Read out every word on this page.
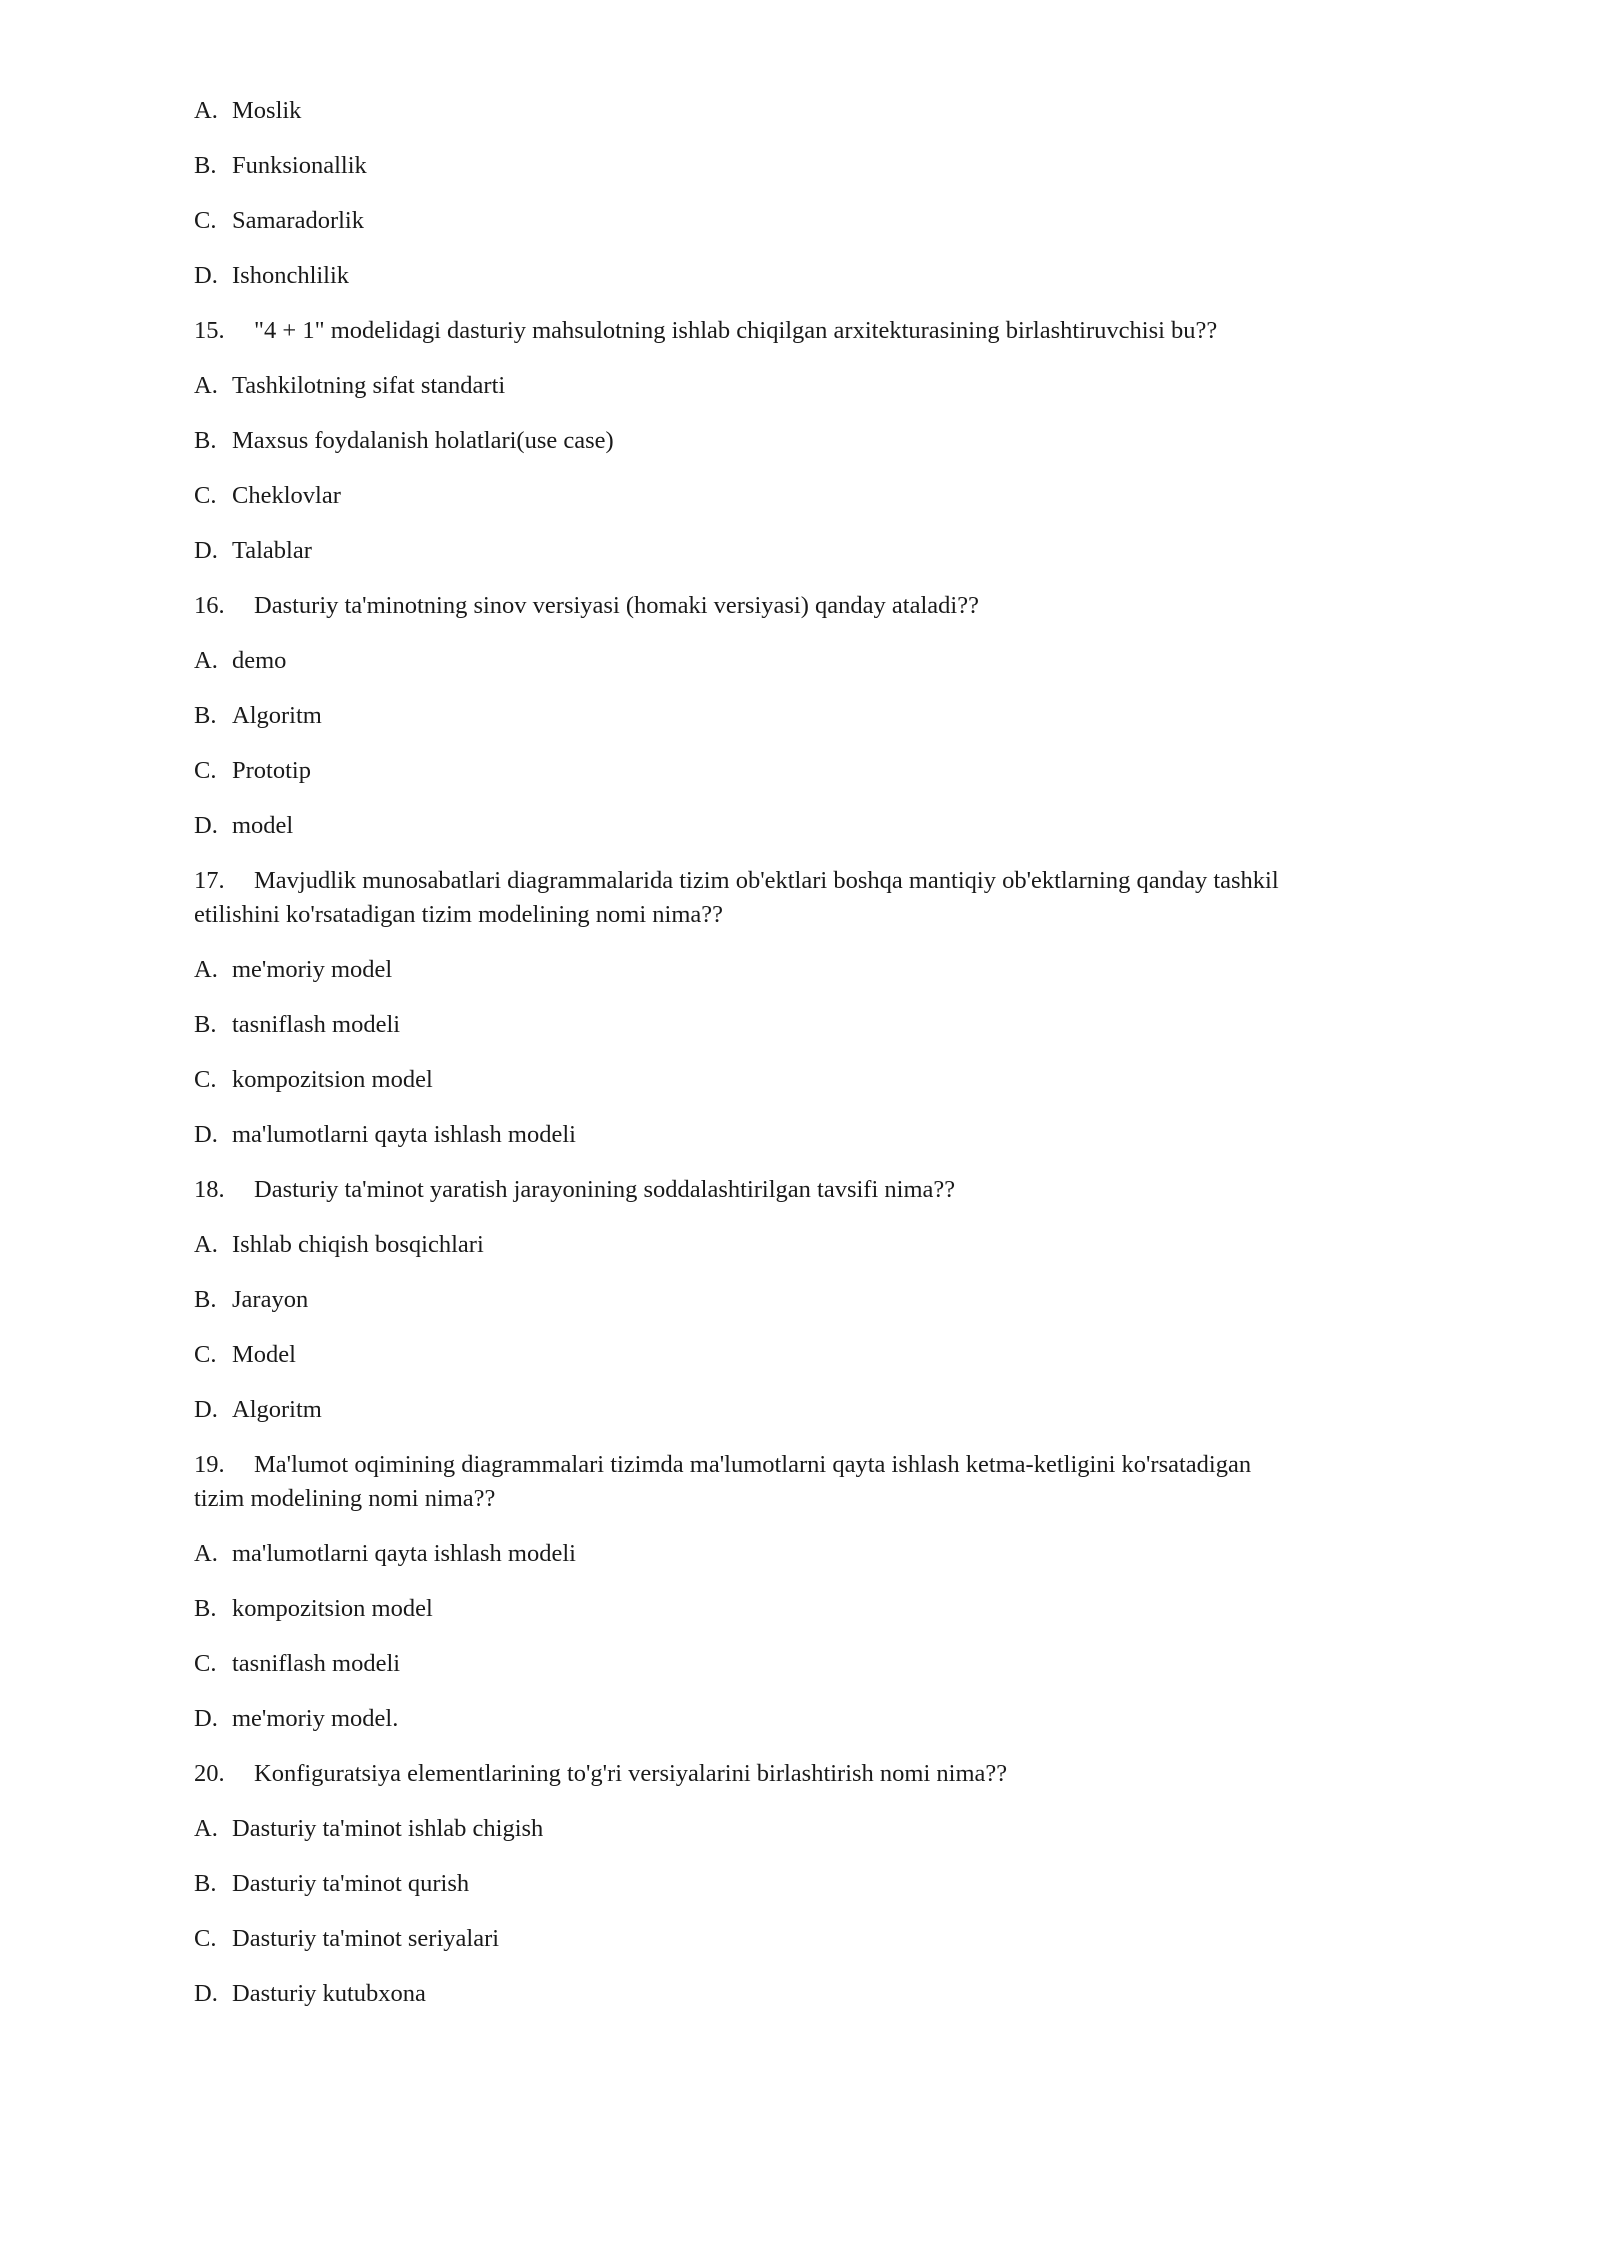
A. Moslik
B. Funksionallik
C. Samaradorlik
D. Ishonchlilik
15. "4 + 1" modelidagi dasturiy mahsulotning ishlab chiqilgan arxitekturasining birlashtiruvchisi bu??
A. Tashkilotning sifat standarti
B. Maxsus foydalanish holatlari(use case)
C. Cheklovlar
D. Talablar
16. Dasturiy ta'minotning sinov versiyasi (homaki versiyasi) qanday ataladi??
A. demo
B. Algoritm
C. Prototip
D. model
17. Mavjudlik munosabatlari diagrammalarida tizim ob'ektlari boshqa mantiqiy ob'ektlarning qanday tashkil
etilishini ko'rsatadigan tizim modelining nomi nima??
A. me'moriy model
B. tasniflash modeli
C. kompozitsion model
D. ma'lumotlarni qayta ishlash modeli
18. Dasturiy ta'minot yaratish jarayonining soddalashtirilgan tavsifi nima??
A. Ishlab chiqish bosqichlari
B. Jarayon
C. Model
D. Algoritm
19. Ma'lumot oqimining diagrammalari tizimda ma'lumotlarni qayta ishlash ketma-ketligini ko'rsatadigan
tizim modelining nomi nima??
A. ma'lumotlarni qayta ishlash modeli
B. kompozitsion model
C. tasniflash modeli
D. me'moriy model.
20. Konfiguratsiya elementlarining to'g'ri versiyalarini birlashtirish nomi nima??
A. Dasturiy ta'minot ishlab chigish
B. Dasturiy ta'minot qurish
C. Dasturiy ta'minot seriyalari
D. Dasturiy kutubxona
